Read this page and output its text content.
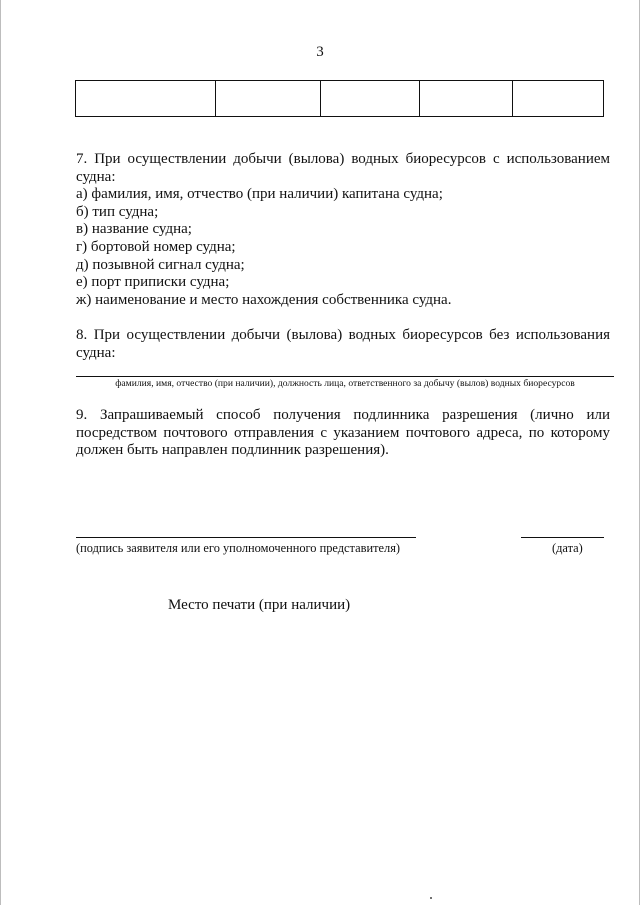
3

7. При осуществлении добычи (вылова) водных биоресурсов с использованием
судна:
а) фамилия, имя, отчество (при наличии) капитана судна;
б) тип судна;
в) название судна;
г) бортовой номер судна;
д) позывной сигнал судна;
е) порт приписки судна;
ж) наименование и место нахождения собственника судна.
8. При осуществлении добычи (вылова) водных биоресурсов без использования
судна:
фамилия, имя, отчество (при наличии), должность лица, ответственного за добычу (вылов) водных биоресурсов
9. Запрашиваемый способ получения подлинника разрешения (лично или
посредством почтового отправления с указанием почтового адреса, по которому
должен быть направлен подлинник разрешения).
(подпись заявителя или его уполномоченного представителя)	(дата)
Место печати (при наличии)
